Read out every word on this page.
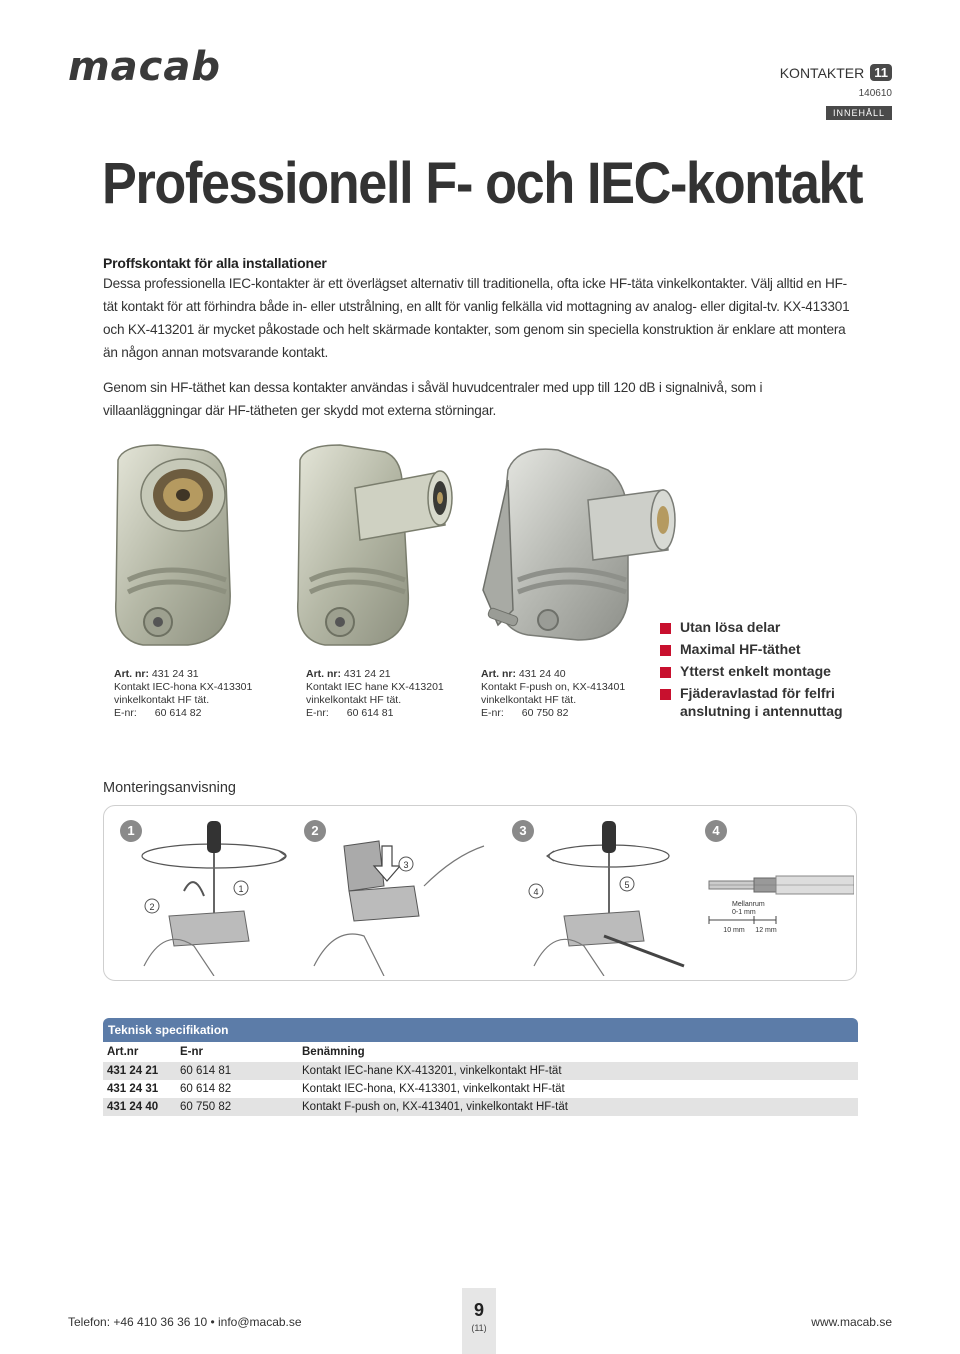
macab	KONTAKTER 11
140610
INNEHÅLL
Professionell F- och IEC-kontakt
Proffskontakt för alla installationer

Dessa professionella IEC-kontakter är ett överlägset alternativ till traditionella, ofta icke HF-täta vinkelkontakter. Välj alltid en HF-tät kontakt för att förhindra både in- eller utstrålning, en allt för vanlig felkälla vid mottagning av analog- eller digital-tv. KX-413301 och KX-413201 är mycket påkostade och helt skärmade kontakter, som genom sin speciella konstruktion är enklare att montera än någon annan motsvarande kontakt.

Genom sin HF-täthet kan dessa kontakter användas i såväl huvudcentraler med upp till 120 dB i signalnivå, som i villaanläggningar där HF-tätheten ger skydd mot externa störningar.

Art. nr: 431 24 31
Kontakt IEC-hona KX-413301
vinkelkontakt HF tät.
E-nr: 60 614 82
Art. nr: 431 24 21
Kontakt IEC hane KX-413201
vinkelkontakt HF tät.
E-nr: 60 614 81
Art. nr: 431 24 40
Kontakt F-push on, KX-413401
vinkelkontakt HF tät.
E-nr: 60 750 82
Utan lösa delar
Maximal HF-täthet
Ytterst enkelt montage
Fjäderavlastad för felfri anslutning i antennuttag
Monteringsanvisning
1	2	3	4
2
1
3
4
5
10 mm 12 mm
Mellanrum
0-1 mm
Teknisk specifikation
Art.nr	E-nr	Benämning
431 24 21	60 614 81	Kontakt IEC-hane KX-413201, vinkelkontakt HF-tät
431 24 31	60 614 82	Kontakt IEC-hona, KX-413301, vinkelkontakt HF-tät
431 24 40	60 750 82	Kontakt F-push on, KX-413401, vinkelkontakt HF-tät
Telefon: +46 410 36 36 10 • info@macab.se
9
(11)	www.macab.se
